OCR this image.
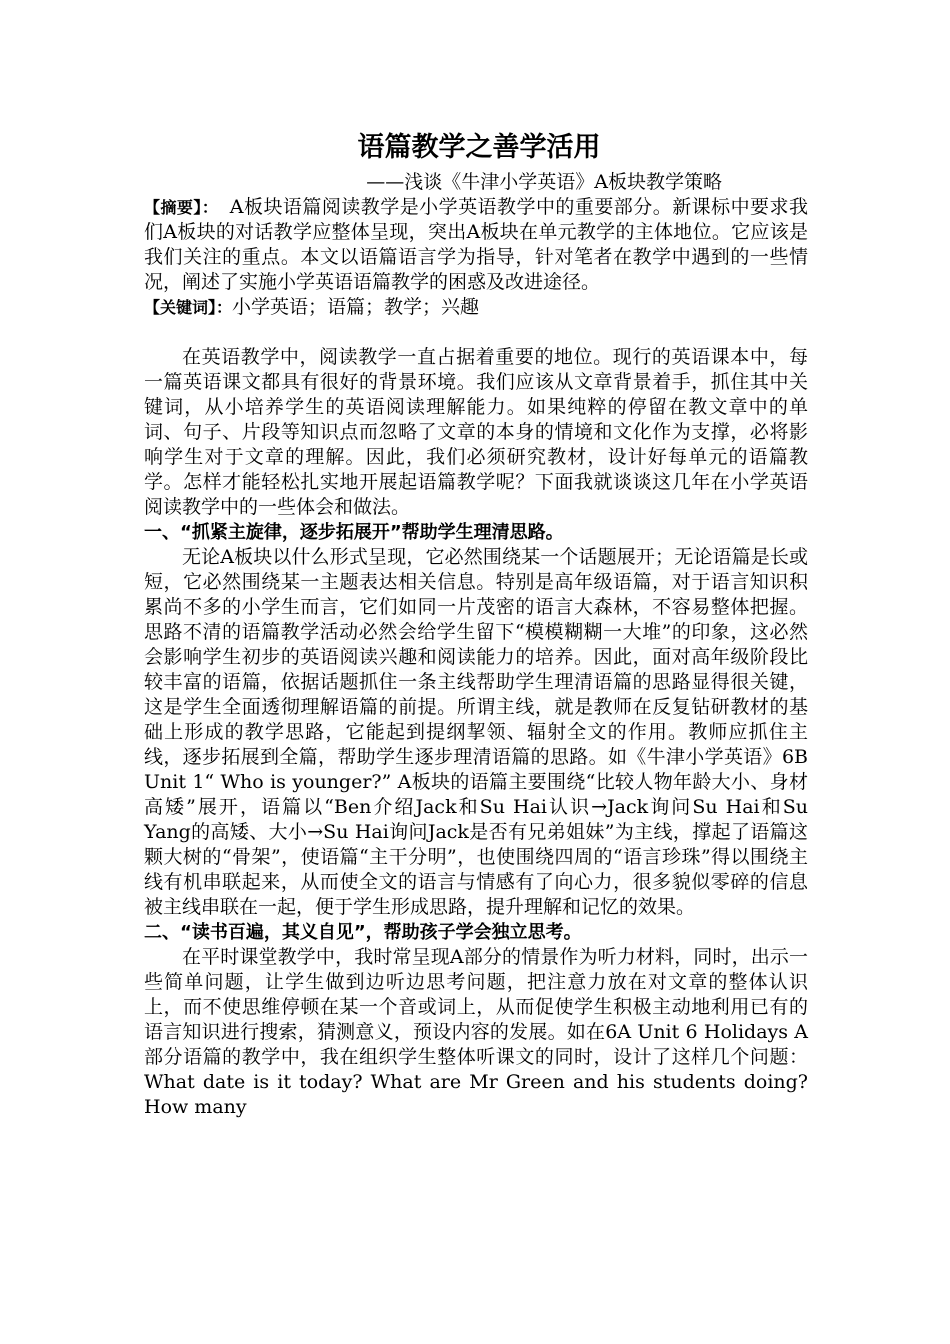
语篇教学之善学活用

——浅谈《牛津小学英语》A板块教学策略

【摘要】：　A板块语篇阅读教学是小学英语教学中的重要部分。新课标中要求我们A板块的对话教学应整体呈现，突出A板块在单元教学的主体地位。它应该是我们关注的重点。本文以语篇语言学为指导，针对笔者在教学中遇到的一些情况，阐述了实施小学英语语篇教学的困惑及改进途径。

【关键词】：小学英语；语篇；教学；兴趣

在英语教学中，阅读教学一直占据着重要的地位。现行的英语课本中，每一篇英语课文都具有很好的背景环境。我们应该从文章背景着手，抓住其中关键词，从小培养学生的英语阅读理解能力。如果纯粹的停留在教文章中的单词、句子、片段等知识点而忽略了文章的本身的情境和文化作为支撑，必将影响学生对于文章的理解。因此，我们必须研究教材，设计好每单元的语篇教学。怎样才能轻松扎实地开展起语篇教学呢？下面我就谈谈这几年在小学英语阅读教学中的一些体会和做法。

一、“抓紧主旋律，逐步拓展开”帮助学生理清思路。

无论A板块以什么形式呈现，它必然围绕某一个话题展开；无论语篇是长或短，它必然围绕某一主题表达相关信息。特别是高年级语篇，对于语言知识积累尚不多的小学生而言，它们如同一片茂密的语言大森林，不容易整体把握。思路不清的语篇教学活动必然会给学生留下“模模糊糊一大堆”的印象，这必然会影响学生初步的英语阅读兴趣和阅读能力的培养。因此，面对高年级阶段比较丰富的语篇，依据话题抓住一条主线帮助学生理清语篇的思路显得很关键，这是学生全面透彻理解语篇的前提。所谓主线，就是教师在反复钻研教材的基础上形成的教学思路，它能起到提纲挈领、辐射全文的作用。教师应抓住主线，逐步拓展到全篇，帮助学生逐步理清语篇的思路。如《牛津小学英语》6B Unit 1“ Who is younger?” A板块的语篇主要围绕“比较人物年龄大小、身材高矮”展开，语篇以“Ben介绍Jack和Su Hai认识→Jack询问Su Hai和Su Yang的高矮、大小→Su Hai询问Jack是否有兄弟姐妹”为主线，撑起了语篇这颗大树的“骨架”，使语篇“主干分明”，也使围绕四周的“语言珍珠”得以围绕主线有机串联起来，从而使全文的语言与情感有了向心力，很多貌似零碎的信息被主线串联在一起，便于学生形成思路，提升理解和记忆的效果。

二、“读书百遍，其义自见”，帮助孩子学会独立思考。

在平时课堂教学中，我时常呈现A部分的情景作为听力材料，同时，出示一些简单问题，让学生做到边听边思考问题，把注意力放在对文章的整体认识上，而不使思维停顿在某一个音或词上，从而促使学生积极主动地利用已有的语言知识进行搜索，猜测意义，预设内容的发展。如在6A Unit 6 Holidays A部分语篇的教学中，我在组织学生整体听课文的同时，设计了这样几个问题：What date is it today? What are Mr Green and his students doing? How many
